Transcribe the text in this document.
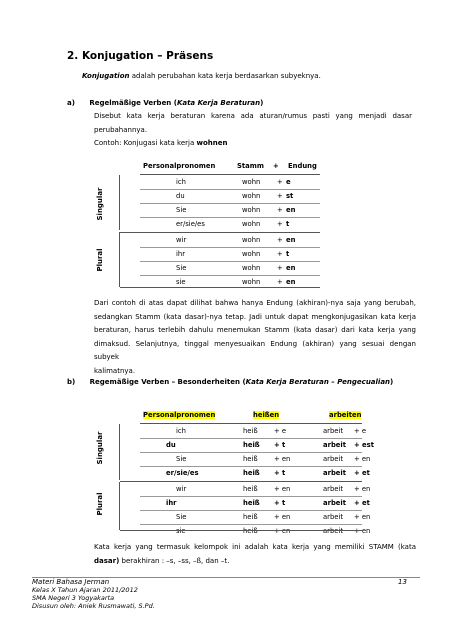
2. Konjugation – Präsens
Konjugation adalah perubahan kata kerja berdasarkan subyeknya.
a) Regelmäßige Verben (Kata Kerja Beraturan)
Disebut kata kerja beraturan karena ada aturan/rumus pasti yang menjadi dasar
perubahannya.
Contoh: Konjugasi kata kerja wohnen
Personalpronomen	Stamm + Endung
Singular
Plural
ich	wohn + e
du	wohn + st
Sie	wohn + en
er/sie/es	wohn + t
wir	wohn + en
ihr	wohn + t
Sie	wohn + en
sie	wohn + en
Dari contoh di atas dapat dilihat bahwa hanya Endung (akhiran)-nya saja yang berubah,
sedangkan Stamm (kata dasar)-nya tetap. Jadi untuk dapat mengkonjugasikan kata kerja
beraturan, harus terlebih dahulu menemukan Stamm (kata dasar) dari kata kerja yang
dimaksud. Selanjutnya, tinggal menyesuaikan Endung (akhiran) yang sesuai dengan subyek
kalimatnya.
b) Regemäßige Verben – Besonderheiten (Kata Kerja Beraturan – Pengecualian)
Personalpronomen	heißen	arbeiten
Singular
Plural
ich	heiß + e	arbeit + e
du	heiß + t	arbeit + est
Sie	heiß + en	arbeit + en
er/sie/es	heiß + t	arbeit + et
wir	heiß + en	arbeit + en
ihr	heiß + t	arbeit + et
Sie	heiß + en	arbeit + en
sie	heiß + en	arbeit + en
Kata kerja yang termasuk kelompok ini adalah kata kerja yang memiliki STAMM (kata
dasar) berakhiran : –s, –ss, –ß, dan –t.
Materi Bahasa Jerman
Kelas X Tahun Ajaran 2011/2012
SMA Negeri 3 Yogyakarta
Disusun oleh: Aniek Rusmawati, S.Pd.
13
